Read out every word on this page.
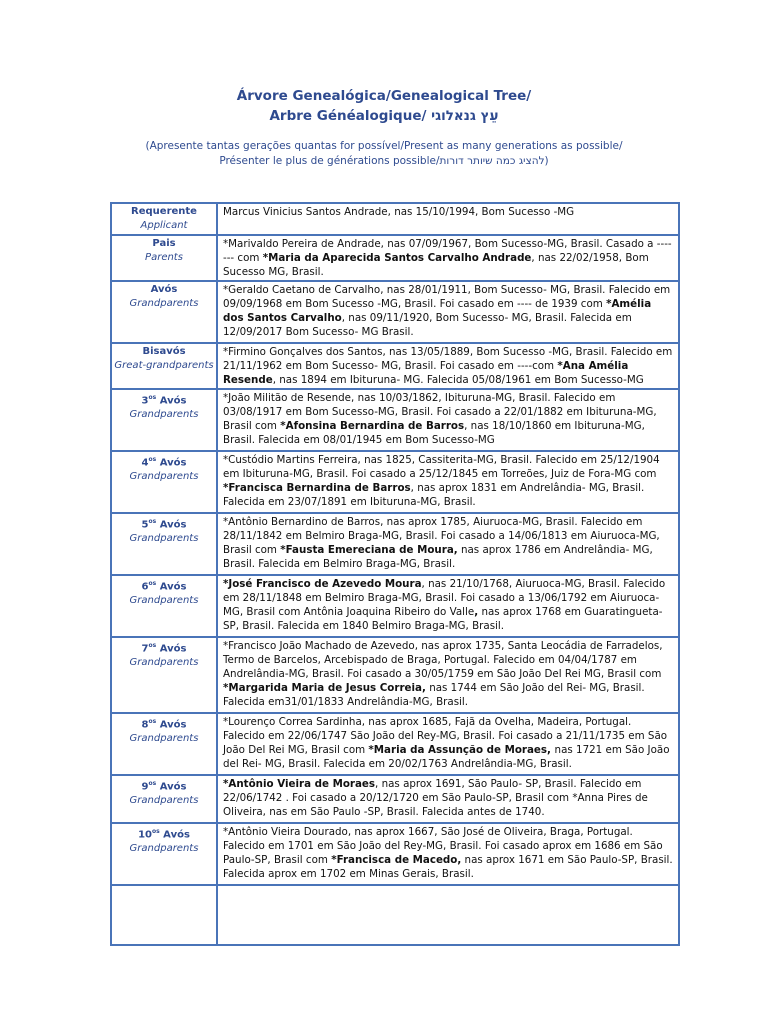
Árvore Genealógica/Genealogical Tree/
Arbre Généalogique/ עֵץ גנאלוגי
(Apresente tantas gerações quantas for possível/Present as many generations as possible/
Présenter le plus de générations possible/להציג כמה שיותר דורות)
Requerente
Applicant	Marcus Vinicius Santos Andrade, nas 15/10/1994, Bom Sucesso -MG

Pais
Parents	*Marivaldo Pereira de Andrade, nas 07/09/1967, Bom Sucesso-MG, Brasil. Casado a ------- com *Maria da Aparecida Santos Carvalho Andrade, nas 22/02/1958, Bom Sucesso MG, Brasil.

Avós
Grandparents	*Geraldo Caetano de Carvalho, nas 28/01/1911, Bom Sucesso- MG, Brasil. Falecido em 09/09/1968 em Bom Sucesso -MG, Brasil. Foi casado em ---- de 1939 com *Amélia dos Santos Carvalho, nas 09/11/1920, Bom Sucesso- MG, Brasil. Falecida em 12/09/2017 Bom Sucesso- MG Brasil.

Bisavós
Great-grandparents	*Firmino Gonçalves dos Santos, nas 13/05/1889, Bom Sucesso -MG, Brasil. Falecido em 21/11/1962 em Bom Sucesso- MG, Brasil. Foi casado em ----com *Ana Amélia Resende, nas 1894 em Ibituruna- MG. Falecida 05/08/1961 em Bom Sucesso-MG

$3^{os}$ Avós
Grandparents	*João Militão de Resende, nas 10/03/1862, Ibituruna-MG, Brasil. Falecido em 03/08/1917 em Bom Sucesso-MG, Brasil. Foi casado a 22/01/1882 em Ibituruna-MG, Brasil com *Afonsina Bernardina de Barros, nas 18/10/1860 em Ibituruna-MG, Brasil. Falecida em 08/01/1945 em Bom Sucesso-MG

$4^{os}$ Avós
Grandparents	*Custódio Martins Ferreira, nas 1825, Cassiterita-MG, Brasil. Falecido em 25/12/1904 em Ibituruna-MG, Brasil. Foi casado a 25/12/1845 em Torreões, Juiz de Fora-MG com *Francisca Bernardina de Barros, nas aprox 1831 em Andrelândia- MG, Brasil. Falecida em 23/07/1891 em Ibituruna-MG, Brasil.

$5^{os}$ Avós
Grandparents	*Antônio Bernardino de Barros, nas aprox 1785, Aiuruoca-MG, Brasil. Falecido em 28/11/1842 em Belmiro Braga-MG, Brasil. Foi casado a 14/06/1813 em Aiuruoca-MG, Brasil com *Fausta Emereciana de Moura, nas aprox 1786 em Andrelândia- MG, Brasil. Falecida em Belmiro Braga-MG, Brasil.

$6^{os}$ Avós
Grandparents	*José Francisco de Azevedo Moura, nas 21/10/1768, Aiuruoca-MG, Brasil. Falecido em 28/11/1848 em Belmiro Braga-MG, Brasil. Foi casado a 13/06/1792 em Aiuruoca-MG, Brasil com Antônia Joaquina Ribeiro do Valle, nas aprox 1768 em Guaratingueta-SP, Brasil. Falecida em 1840 Belmiro Braga-MG, Brasil.

$7^{os}$ Avós
Grandparents	*Francisco João Machado de Azevedo, nas aprox 1735, Santa Leocádia de Farradelos, Termo de Barcelos, Arcebispado de Braga, Portugal. Falecido em 04/04/1787 em Andrelândia-MG, Brasil. Foi casado a 30/05/1759 em São João Del Rei MG, Brasil com *Margarida Maria de Jesus Correia, nas 1744 em São João del Rei- MG, Brasil. Falecida em31/01/1833 Andrelândia-MG, Brasil.

$8^{os}$ Avós
Grandparents	*Lourenço Correa Sardinha, nas aprox 1685, Fajã da Ovelha, Madeira, Portugal. Falecido em 22/06/1747 São João del Rey-MG, Brasil. Foi casado a 21/11/1735 em São João Del Rei MG, Brasil com *Maria da Assunção de Moraes, nas 1721 em São João del Rei- MG, Brasil. Falecida em 20/02/1763 Andrelândia-MG, Brasil.

$9^{os}$ Avós
Grandparents	*Antônio Vieira de Moraes, nas aprox 1691, São Paulo- SP, Brasil. Falecido em 22/06/1742 . Foi casado a 20/12/1720 em São Paulo-SP, Brasil com *Anna Pires de Oliveira, nas em São Paulo -SP, Brasil. Falecida antes de 1740.

$10^{os}$ Avós
Grandparents	*Antônio Vieira Dourado, nas aprox 1667, São José de Oliveira, Braga, Portugal. Falecido em 1701 em São João del Rey-MG, Brasil. Foi casado aprox em 1686 em São Paulo-SP, Brasil com *Francisca de Macedo, nas aprox 1671 em São Paulo-SP, Brasil. Falecida aprox em 1702 em Minas Gerais, Brasil.
